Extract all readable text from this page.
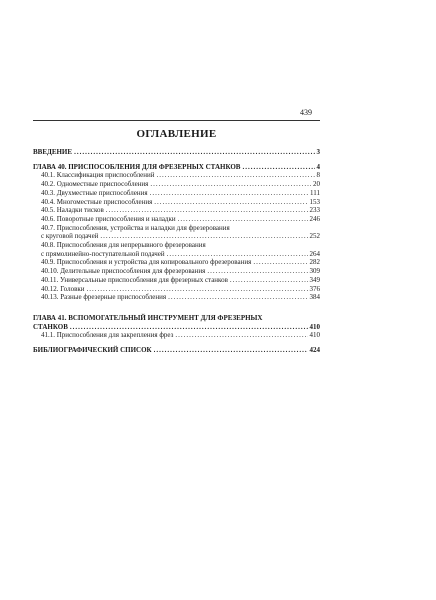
439
ОГЛАВЛЕНИЕ
ВВЕДЕНИЕ .....	3
ГЛАВА 40. ПРИСПОСОБЛЕНИЯ ДЛЯ ФРЕЗЕРНЫХ СТАНКОВ .....	4
40.1. Классификация приспособлений .....	8
40.2. Одноместные приспособления .....	20
40.3. Двухместные приспособления .....	111
40.4. Многоместные приспособления .....	153
40.5. Наладки тисков .....	233
40.6. Поворотные приспособления и наладки .....	246
40.7. Приспособления, устройства и наладки для фрезерования
с круговой подачей .....	252
40.8. Приспособления для непрерывного фрезерования
с прямолинейно-поступательной подачей .....	264
40.9. Приспособления и устройства для копировального фрезерования .....	282
40.10. Делительные приспособления для фрезерования .....	309
40.11. Универсальные приспособления для фрезерных станков .....	349
40.12. Головки .....	376
40.13. Разные фрезерные приспособления .....	384
ГЛАВА 41. ВСПОМОГАТЕЛЬНЫЙ ИНСТРУМЕНТ ДЛЯ ФРЕЗЕРНЫХ
СТАНКОВ .....	410
41.1. Приспособления для закрепления фрез .....	410
БИБЛИОГРАФИЧЕСКИЙ СПИСОК .....	424
